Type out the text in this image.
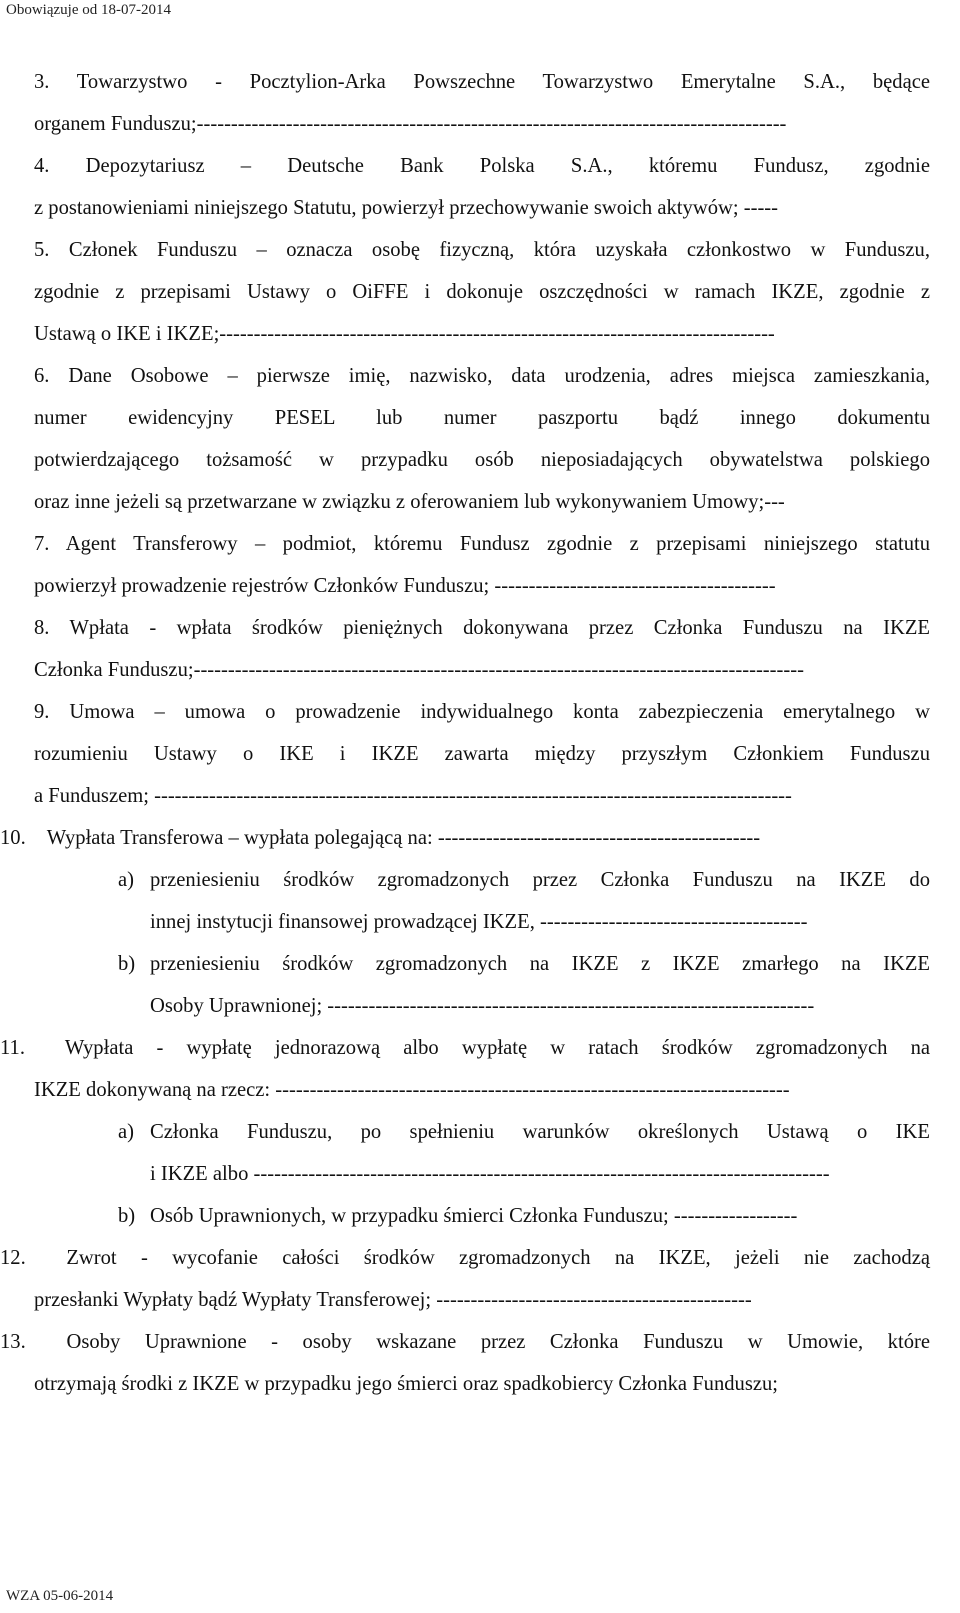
Obowiązuje od 18-07-2014

3. Towarzystwo - Pocztylion-Arka Powszechne Towarzystwo Emerytalne S.A., będące

organem Funduszu;--------------------------------------------------------------------------------------

4. Depozytariusz – Deutsche Bank Polska S.A., któremu Fundusz, zgodnie

z postanowieniami niniejszego Statutu, powierzył przechowywanie swoich aktywów; -----

5. Członek Funduszu – oznacza osobę fizyczną, która uzyskała członkostwo w Funduszu,

zgodnie z przepisami Ustawy o OiFFE i dokonuje oszczędności w ramach IKZE, zgodnie z

Ustawą o IKE i IKZE;---------------------------------------------------------------------------------

6. Dane Osobowe – pierwsze imię, nazwisko, data urodzenia, adres miejsca zamieszkania,

numer ewidencyjny PESEL lub numer paszportu bądź innego dokumentu

potwierdzającego tożsamość w przypadku osób nieposiadających obywatelstwa polskiego

oraz inne jeżeli są przetwarzane w związku z oferowaniem lub wykonywaniem Umowy;---

7. Agent Transferowy – podmiot, któremu Fundusz zgodnie z przepisami niniejszego statutu

powierzył prowadzenie rejestrów Członków Funduszu; -----------------------------------------

8. Wpłata - wpłata środków pieniężnych dokonywana przez Członka Funduszu na IKZE

Członka Funduszu;-----------------------------------------------------------------------------------------

9. Umowa – umowa o prowadzenie indywidualnego konta zabezpieczenia emerytalnego w

rozumieniu Ustawy o IKE i IKZE zawarta między przyszłym Członkiem Funduszu

a Funduszem; ---------------------------------------------------------------------------------------------

10. Wypłata Transferowa – wypłata polegającą na: -----------------------------------------------

a) przeniesieniu środków zgromadzonych przez Członka Funduszu na IKZE do

innej instytucji finansowej prowadzącej IKZE, ---------------------------------------

b) przeniesieniu środków zgromadzonych na IKZE z IKZE zmarłego na IKZE

Osoby Uprawnionej; -----------------------------------------------------------------------

11. Wypłata - wypłatę jednorazową albo wypłatę w ratach środków zgromadzonych na

IKZE dokonywaną na rzecz: ---------------------------------------------------------------------------

a) Członka Funduszu, po spełnieniu warunków określonych Ustawą o IKE

i IKZE albo ------------------------------------------------------------------------------------

b) Osób Uprawnionych, w przypadku śmierci Członka Funduszu; ------------------

12. Zwrot - wycofanie całości środków zgromadzonych na IKZE, jeżeli nie zachodzą

przesłanki Wypłaty bądź Wypłaty Transferowej; ----------------------------------------------

13. Osoby Uprawnione - osoby wskazane przez Członka Funduszu w Umowie, które

otrzymają środki z IKZE w przypadku jego śmierci oraz spadkobiercy Członka Funduszu;

WZA 05-06-2014
